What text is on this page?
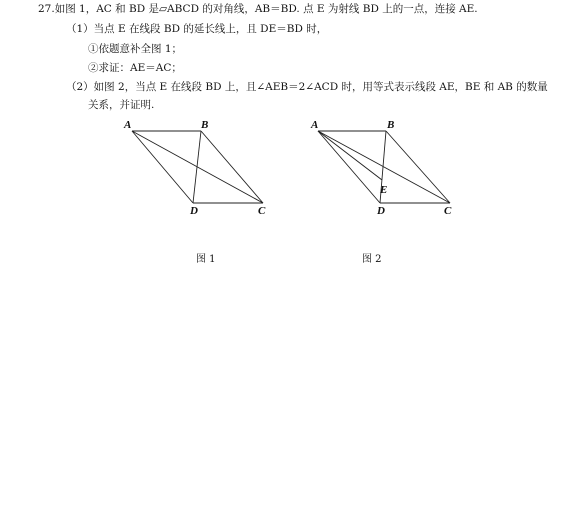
27.如图 1，AC 和 BD 是▱ABCD 的对角线，AB＝BD. 点 E 为射线 BD 上的一点，连接 AE.
（1）当点 E 在线段 BD 的延长线上，且 DE＝BD 时，
①依题意补全图 1；
②求证：AE＝AC；
（2）如图 2，当点 E 在线段 BD 上，且∠AEB＝2∠ACD 时，用等式表示线段 AE，BE 和 AB 的数量
关系，并证明.
A	B
D	C
A	B
E
D	C
图 1	图 2
